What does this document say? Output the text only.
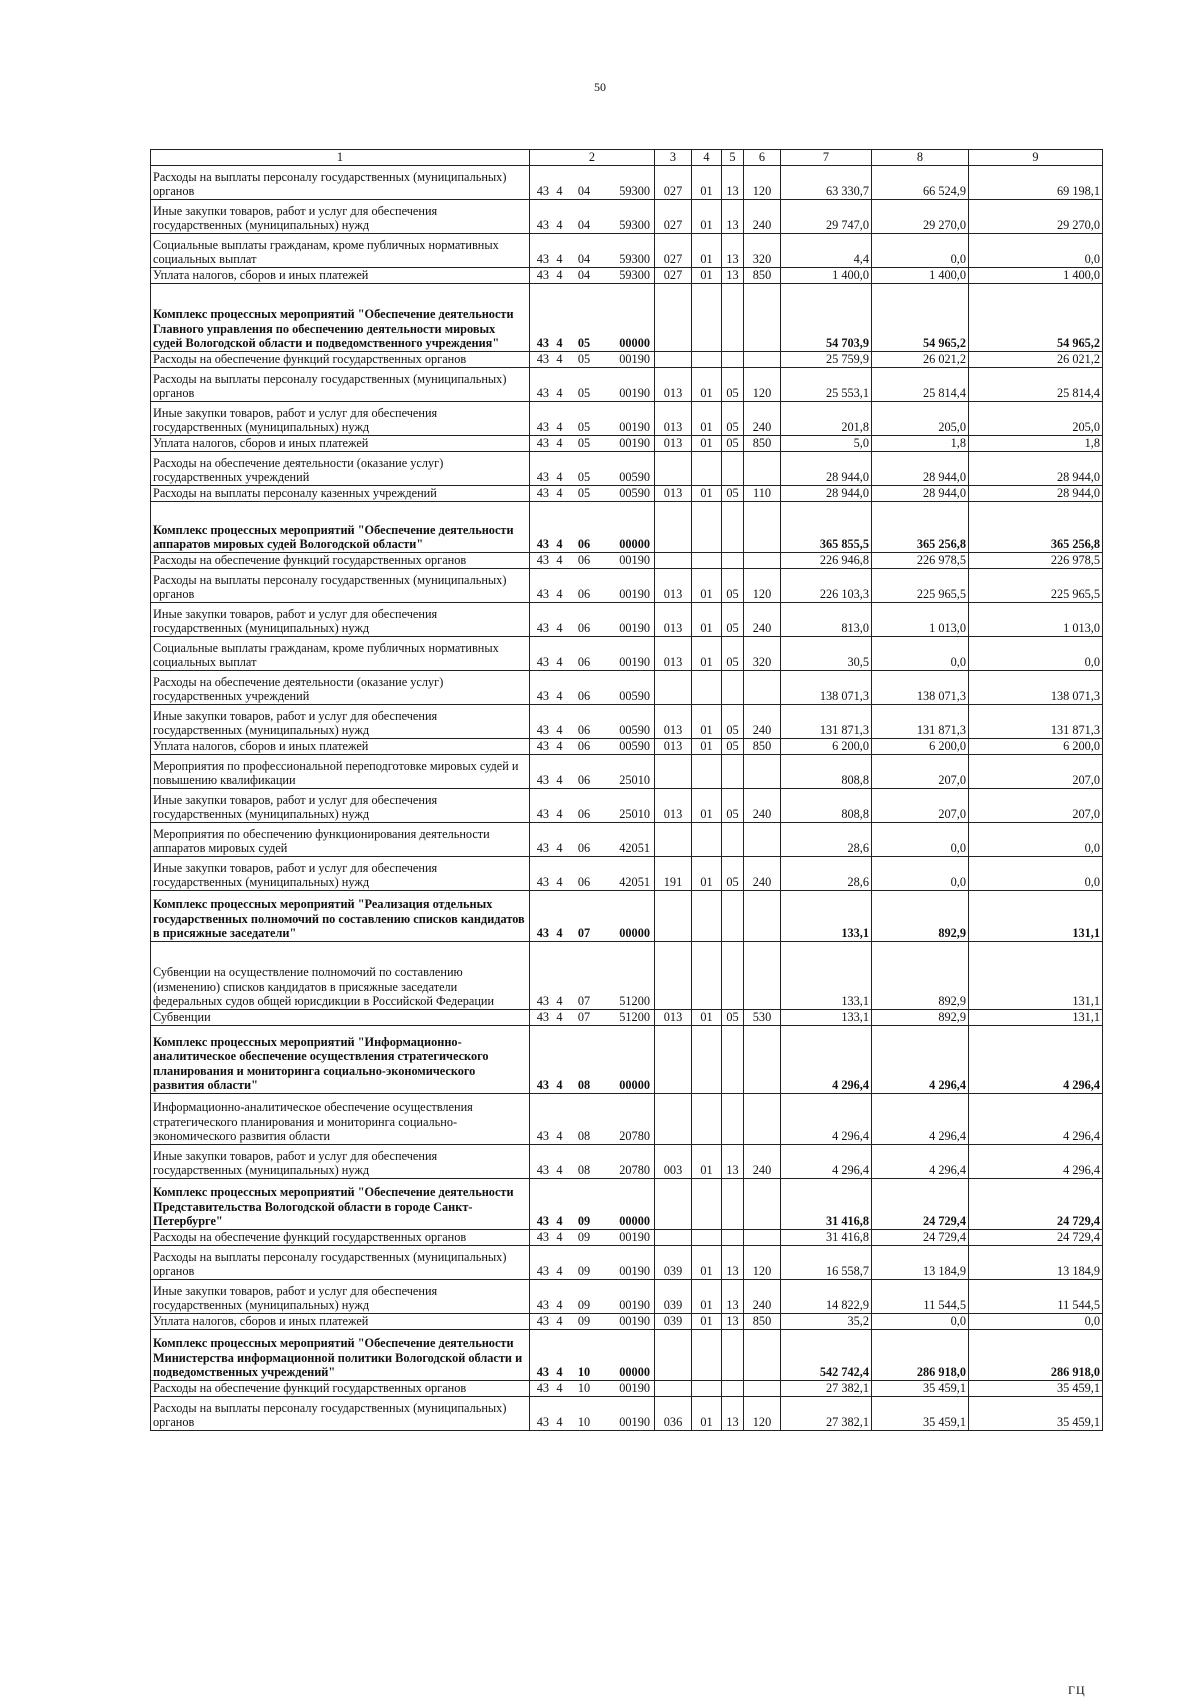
50
1	2	3	4	5	6	7	8	9
Расходы на выплаты персоналу государственных (муниципальных) органов	43 4 04 59300	027	01	13	120	63 330,7	66 524,9	69 198,1
Иные закупки товаров, работ и услуг для обеспечения государственных (муниципальных) нужд	43 4 04 59300	027	01	13	240	29 747,0	29 270,0	29 270,0
Социальные выплаты гражданам, кроме публичных нормативных социальных выплат	43 4 04 59300	027	01	13	320	4,4	0,0	0,0
Уплата налогов, сборов и иных платежей	43 4 04 59300	027	01	13	850	1 400,0	1 400,0	1 400,0
Комплекс процессных мероприятий "Обеспечение деятельности Главного управления по обеспечению деятельности мировых судей Вологодской области и подведомственного учреждения"	43 4 05 00000					54 703,9	54 965,2	54 965,2
Расходы на обеспечение функций государственных органов	43 4 05 00190					25 759,9	26 021,2	26 021,2
Расходы на выплаты персоналу государственных (муниципальных) органов	43 4 05 00190	013	01	05	120	25 553,1	25 814,4	25 814,4
Иные закупки товаров, работ и услуг для обеспечения государственных (муниципальных) нужд	43 4 05 00190	013	01	05	240	201,8	205,0	205,0
Уплата налогов, сборов и иных платежей	43 4 05 00190	013	01	05	850	5,0	1,8	1,8
Расходы на обеспечение деятельности (оказание услуг) государственных учреждений	43 4 05 00590					28 944,0	28 944,0	28 944,0
Расходы на выплаты персоналу казенных учреждений	43 4 05 00590	013	01	05	110	28 944,0	28 944,0	28 944,0
Комплекс процессных мероприятий "Обеспечение деятельности аппаратов мировых судей Вологодской области"	43 4 06 00000					365 855,5	365 256,8	365 256,8
Расходы на обеспечение функций государственных органов	43 4 06 00190					226 946,8	226 978,5	226 978,5
Расходы на выплаты персоналу государственных (муниципальных) органов	43 4 06 00190	013	01	05	120	226 103,3	225 965,5	225 965,5
Иные закупки товаров, работ и услуг для обеспечения государственных (муниципальных) нужд	43 4 06 00190	013	01	05	240	813,0	1 013,0	1 013,0
Социальные выплаты гражданам, кроме публичных нормативных социальных выплат	43 4 06 00190	013	01	05	320	30,5	0,0	0,0
Расходы на обеспечение деятельности (оказание услуг) государственных учреждений	43 4 06 00590					138 071,3	138 071,3	138 071,3
Иные закупки товаров, работ и услуг для обеспечения государственных (муниципальных) нужд	43 4 06 00590	013	01	05	240	131 871,3	131 871,3	131 871,3
Уплата налогов, сборов и иных платежей	43 4 06 00590	013	01	05	850	6 200,0	6 200,0	6 200,0
Мероприятия по профессиональной переподготовке мировых судей и повышению квалификации	43 4 06 25010					808,8	207,0	207,0
Иные закупки товаров, работ и услуг для обеспечения государственных (муниципальных) нужд	43 4 06 25010	013	01	05	240	808,8	207,0	207,0
Мероприятия по обеспечению функционирования деятельности аппаратов мировых судей	43 4 06 42051					28,6	0,0	0,0
Иные закупки товаров, работ и услуг для обеспечения государственных (муниципальных) нужд	43 4 06 42051	191	01	05	240	28,6	0,0	0,0
Комплекс процессных мероприятий "Реализация отдельных государственных полномочий по составлению списков кандидатов в присяжные заседатели"	43 4 07 00000					133,1	892,9	131,1
Субвенции на осуществление полномочий по составлению (изменению) списков кандидатов в присяжные заседатели федеральных судов общей юрисдикции в Российской Федерации	43 4 07 51200					133,1	892,9	131,1
Субвенции	43 4 07 51200	013	01	05	530	133,1	892,9	131,1
Комплекс процессных мероприятий "Информационно-аналитическое обеспечение осуществления стратегического планирования и мониторинга социально-экономического развития области"	43 4 08 00000					4 296,4	4 296,4	4 296,4
Информационно-аналитическое обеспечение осуществления стратегического планирования и мониторинга социально-экономического развития области	43 4 08 20780					4 296,4	4 296,4	4 296,4
Иные закупки товаров, работ и услуг для обеспечения государственных (муниципальных) нужд	43 4 08 20780	003	01	13	240	4 296,4	4 296,4	4 296,4
Комплекс процессных мероприятий "Обеспечение деятельности Представительства Вологодской области в городе Санкт-Петербурге"	43 4 09 00000					31 416,8	24 729,4	24 729,4
Расходы на обеспечение функций государственных органов	43 4 09 00190					31 416,8	24 729,4	24 729,4
Расходы на выплаты персоналу государственных (муниципальных) органов	43 4 09 00190	039	01	13	120	16 558,7	13 184,9	13 184,9
Иные закупки товаров, работ и услуг для обеспечения государственных (муниципальных) нужд	43 4 09 00190	039	01	13	240	14 822,9	11 544,5	11 544,5
Уплата налогов, сборов и иных платежей	43 4 09 00190	039	01	13	850	35,2	0,0	0,0
Комплекс процессных мероприятий "Обеспечение деятельности Министерства информационной политики Вологодской области и подведомственных учреждений"	43 4 10 00000					542 742,4	286 918,0	286 918,0
Расходы на обеспечение функций государственных органов	43 4 10 00190					27 382,1	35 459,1	35 459,1
Расходы на выплаты персоналу государственных (муниципальных) органов	43 4 10 00190	036	01	13	120	27 382,1	35 459,1	35 459,1
ГЦ
